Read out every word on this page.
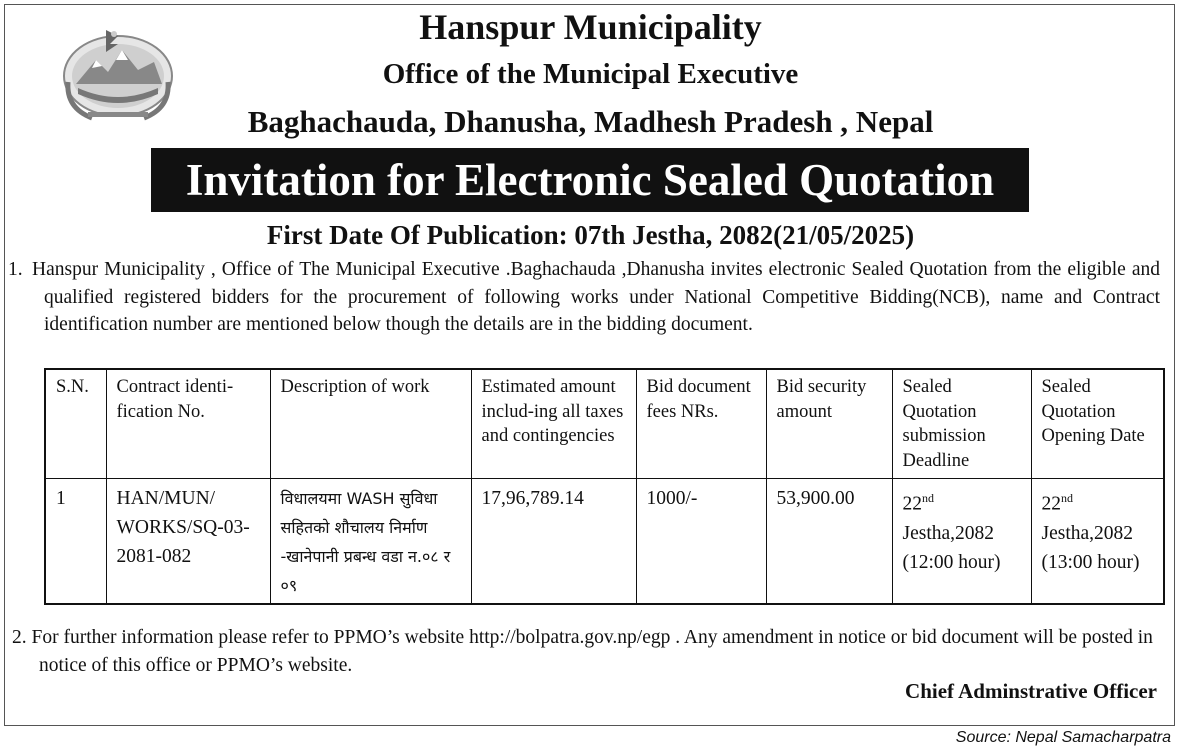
Hanspur Municipality
Office of the Municipal Executive
Baghachauda, Dhanusha, Madhesh Pradesh , Nepal
Invitation for Electronic Sealed Quotation
First Date Of Publication: 07th Jestha, 2082(21/05/2025)
1. Hanspur Municipality , Office of The Municipal Executive .Baghachauda ,Dhanusha invites electronic Sealed Quotation from the eligible and qualified registered bidders for the procurement of following works under National Competitive Bidding(NCB), name and Contract identification number are mentioned below though the details are in the bidding document.
S.N.	Contract identi-fication No.	Description of work	Estimated amount includ-ing all taxes and contingencies	Bid document fees NRs.	Bid security amount	Sealed Quotation submission Deadline	Sealed Quotation Opening Date
1	HAN/MUN/ WORKS/SQ-03-2081-082	विधालयमा WASH सुविधा सहितको शौचालय निर्माण -खानेपानी प्रबन्ध वडा न.०८ र ०९	17,96,789.14	1000/-	53,900.00	22nd Jestha,2082 (12:00 hour)	22nd Jestha,2082 (13:00 hour)
2. For further information please refer to PPMO’s website http://bolpatra.gov.np/egp . Any amendment in notice or bid document will be posted in notice of this office or PPMO’s website.
Chief Adminstrative Officer
Source: Nepal Samacharpatra
